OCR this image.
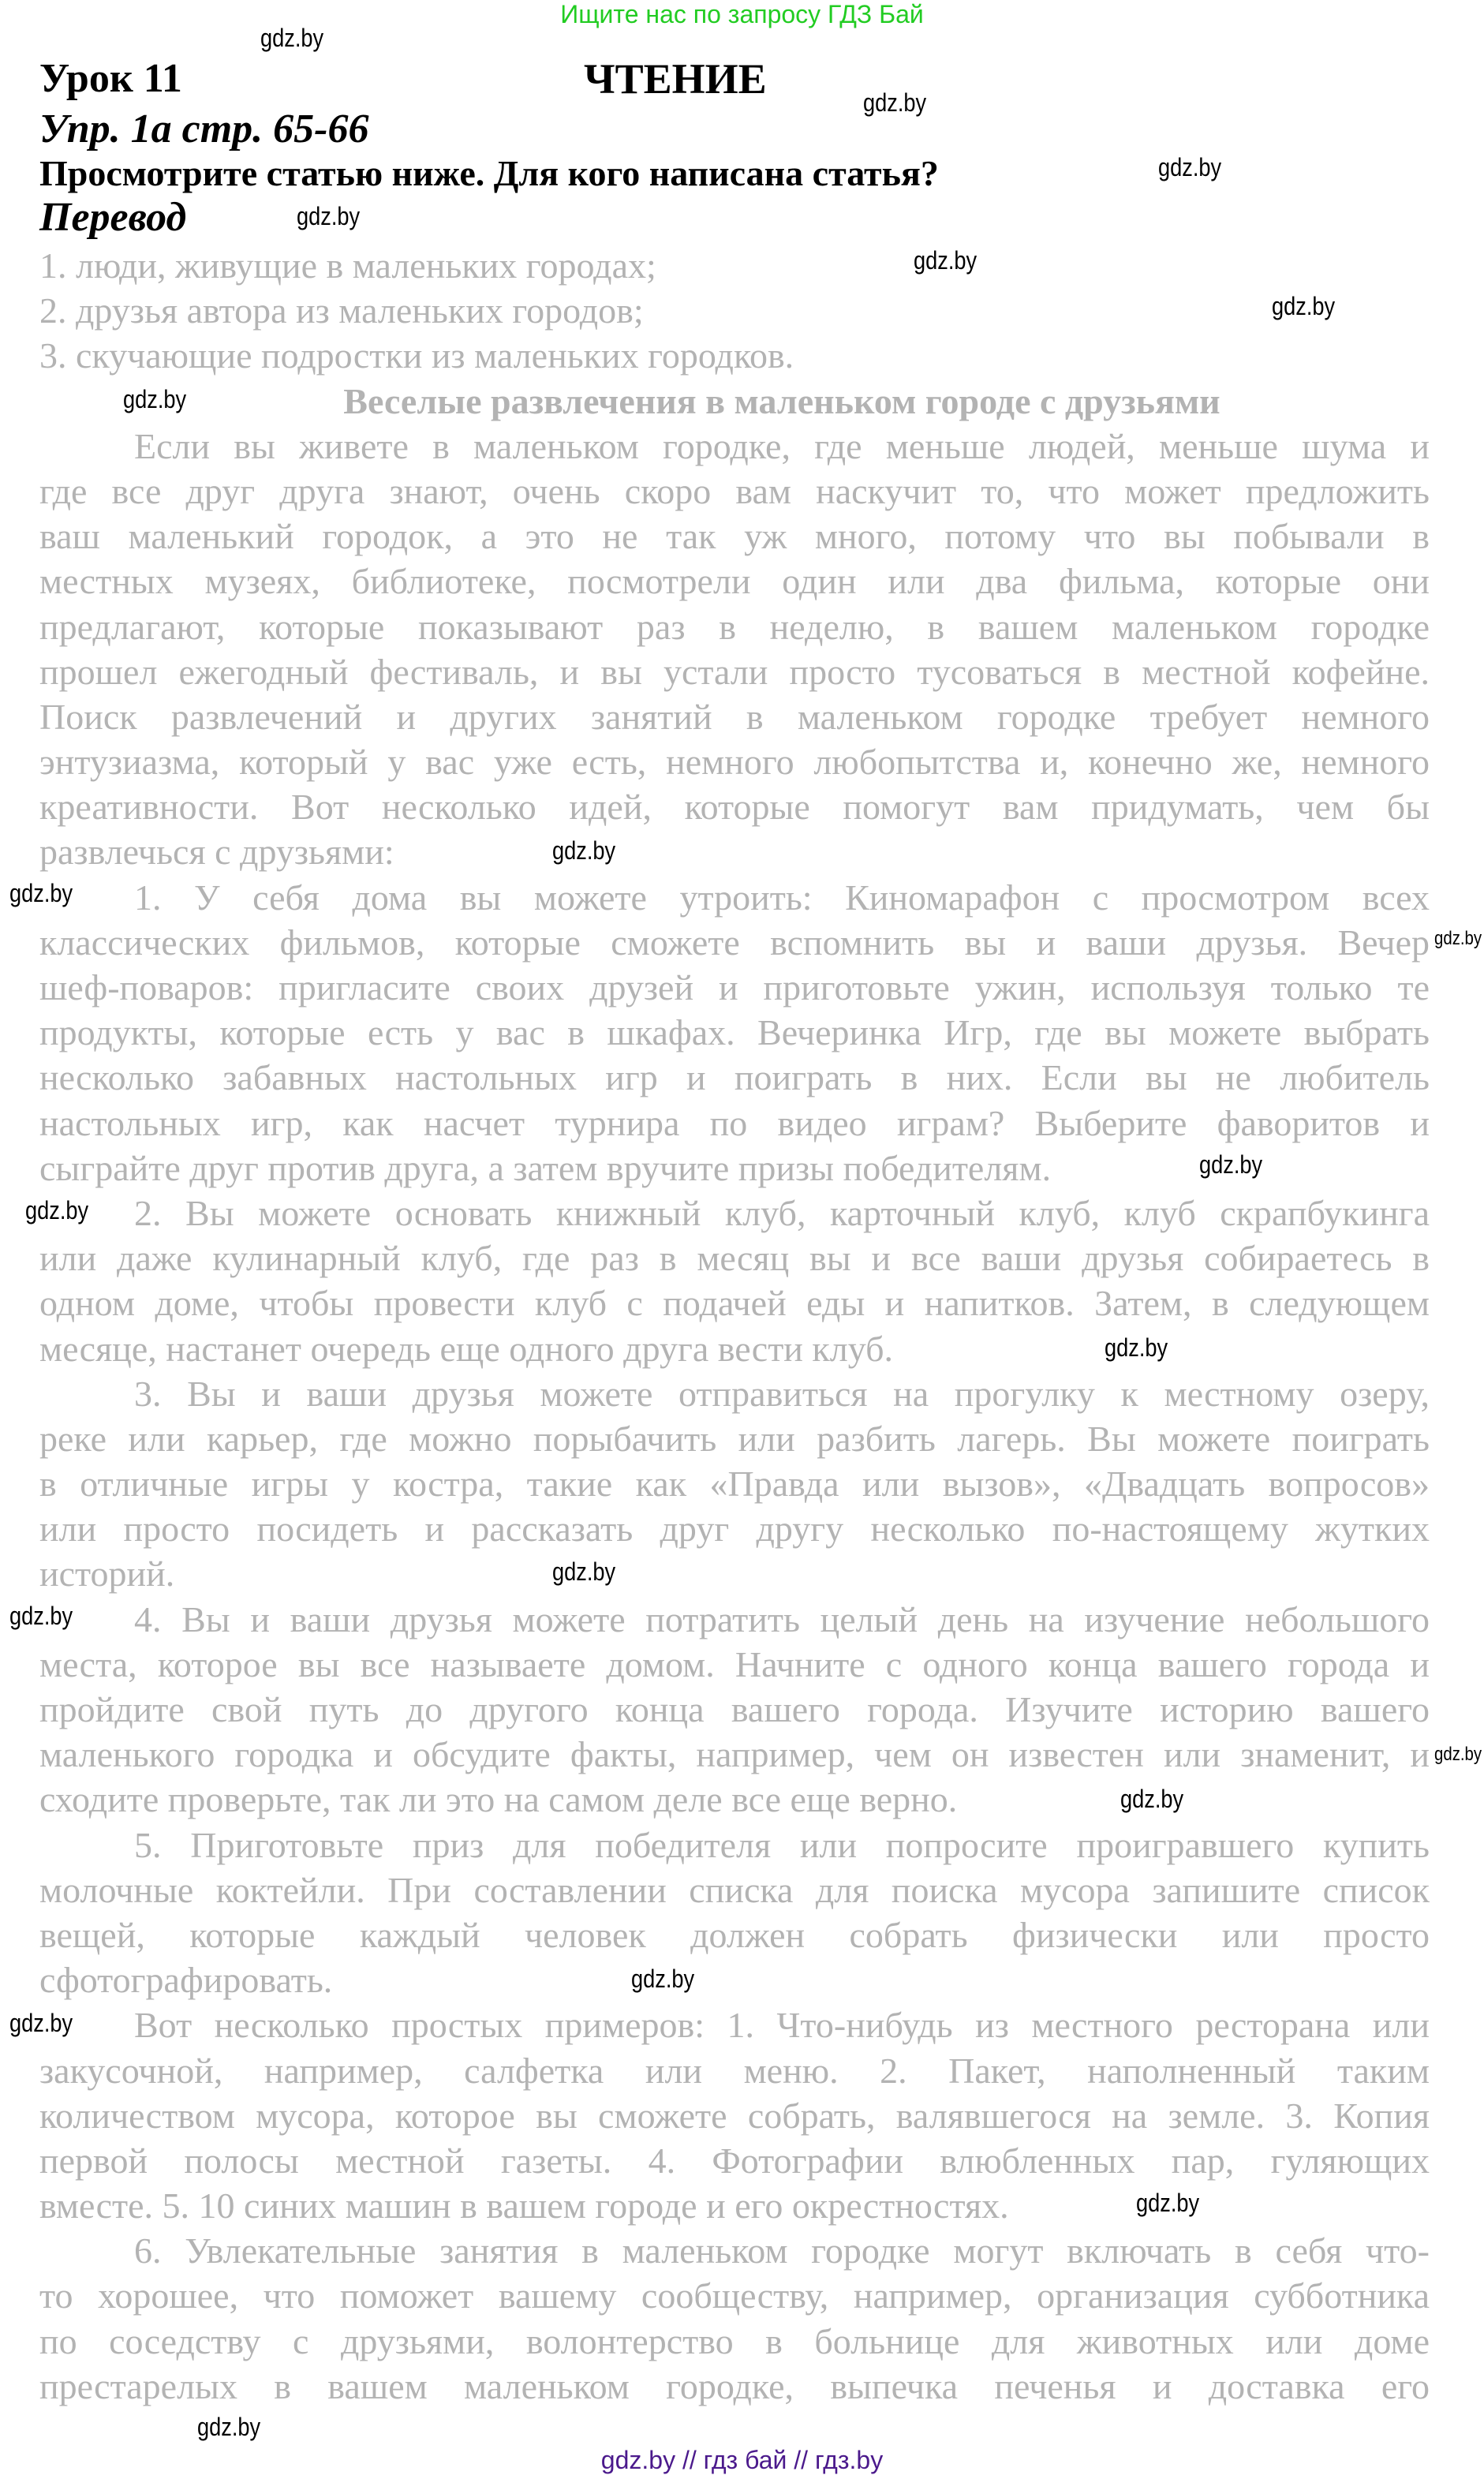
Ищите нас по запросу ГДЗ Бай
Урок 11	ЧТЕНИЕ
Упр. 1а стр. 65-66
Просмотрите статью ниже. Для кого написана статья?
Перевод
1. люди, живущие в маленьких городах;
2. друзья автора из маленьких городов;
3. скучающие подростки из маленьких городков.
Веселые развлечения в маленьком городе с друзьями
Если вы живете в маленьком городке, где меньше людей, меньше шума и
где все друг друга знают, очень скоро вам наскучит то, что может предложить
ваш маленький городок, а это не так уж много, потому что вы побывали в
местных музеях, библиотеке, посмотрели один или два фильма, которые они
предлагают, которые показывают раз в неделю, в вашем маленьком городке
прошел ежегодный фестиваль, и вы устали просто тусоваться в местной кофейне.
Поиск развлечений и других занятий в маленьком городке требует немного
энтузиазма, который у вас уже есть, немного любопытства и, конечно же, немного
креативности. Вот несколько идей, которые помогут вам придумать, чем бы
развлечься с друзьями:
1. У себя дома вы можете утроить: Киномарафон с просмотром всех
классических фильмов, которые сможете вспомнить вы и ваши друзья. Вечер
шеф-поваров: пригласите своих друзей и приготовьте ужин, используя только те
продукты, которые есть у вас в шкафах. Вечеринка Игр, где вы можете выбрать
несколько забавных настольных игр и поиграть в них. Если вы не любитель
настольных игр, как насчет турнира по видео играм? Выберите фаворитов и
сыграйте друг против друга, а затем вручите призы победителям.
2. Вы можете основать книжный клуб, карточный клуб, клуб скрапбукинга
или даже кулинарный клуб, где раз в месяц вы и все ваши друзья собираетесь в
одном доме, чтобы провести клуб с подачей еды и напитков. Затем, в следующем
месяце, настанет очередь еще одного друга вести клуб.
3. Вы и ваши друзья можете отправиться на прогулку к местному озеру,
реке или карьер, где можно порыбачить или разбить лагерь. Вы можете поиграть
в отличные игры у костра, такие как «Правда или вызов», «Двадцать вопросов»
или просто посидеть и рассказать друг другу несколько по-настоящему жутких
историй.
4. Вы и ваши друзья можете потратить целый день на изучение небольшого
места, которое вы все называете домом. Начните с одного конца вашего города и
пройдите свой путь до другого конца вашего города. Изучите историю вашего
маленького городка и обсудите факты, например, чем он известен или знаменит, и
сходите проверьте, так ли это на самом деле все еще верно.
5. Приготовьте приз для победителя или попросите проигравшего купить
молочные коктейли. При составлении списка для поиска мусора запишите список
вещей, которые каждый человек должен собрать физически или просто
сфотографировать.
Вот несколько простых примеров: 1. Что-нибудь из местного ресторана или
закусочной, например, салфетка или меню. 2. Пакет, наполненный таким
количеством мусора, которое вы сможете собрать, валявшегося на земле. 3. Копия
первой полосы местной газеты. 4. Фотографии влюбленных пар, гуляющих
вместе. 5. 10 синих машин в вашем городе и его окрестностях.
6. Увлекательные занятия в маленьком городке могут включать в себя что-
то хорошее, что поможет вашему сообществу, например, организация субботника
по соседству с друзьями, волонтерство в больнице для животных или доме
престарелых в вашем маленьком городке, выпечка печенья и доставка его
gdz.by
gdz.by
gdz.by
gdz.by
gdz.by
gdz.by
gdz.by
gdz.by
gdz.by
gdz.by
gdz.by
gdz.by
gdz.by
gdz.by
gdz.by
gdz.by
gdz.by
gdz.by
gdz.by
gdz.by
gdz.by
gdz.by // гдз бай // гдз.by
